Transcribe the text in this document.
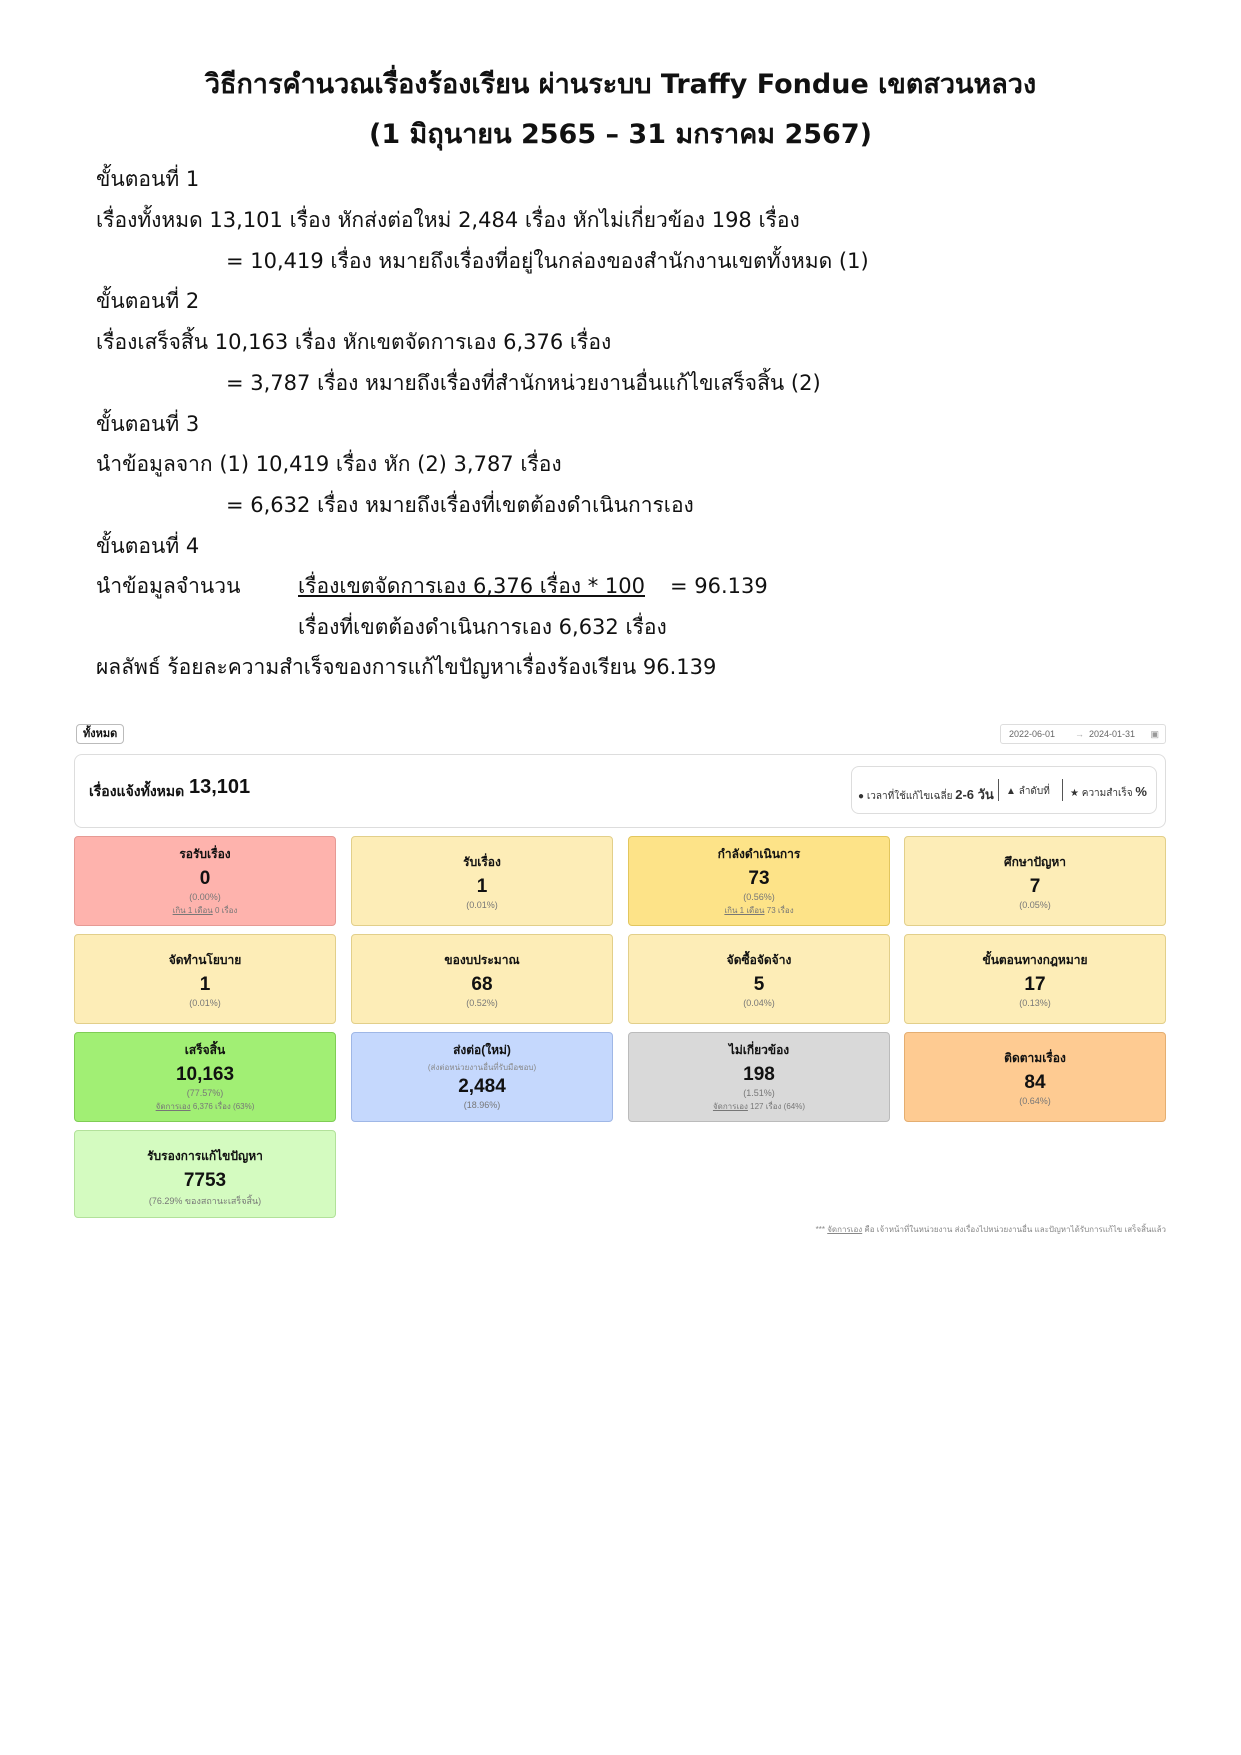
วิธีการคำนวณเรื่องร้องเรียน ผ่านระบบ Traffy Fondue เขตสวนหลวง
(1 มิถุนายน 2565 – 31 มกราคม 2567)
ขั้นตอนที่ 1
เรื่องทั้งหมด 13,101 เรื่อง หักส่งต่อใหม่ 2,484 เรื่อง หักไม่เกี่ยวข้อง 198 เรื่อง
= 10,419 เรื่อง หมายถึงเรื่องที่อยู่ในกล่องของสำนักงานเขตทั้งหมด (1)
ขั้นตอนที่ 2
เรื่องเสร็จสิ้น 10,163 เรื่อง หักเขตจัดการเอง 6,376 เรื่อง
= 3,787 เรื่อง หมายถึงเรื่องที่สำนักหน่วยงานอื่นแก้ไขเสร็จสิ้น (2)
ขั้นตอนที่ 3
นำข้อมูลจาก (1) 10,419 เรื่อง หัก (2) 3,787 เรื่อง
= 6,632 เรื่อง หมายถึงเรื่องที่เขตต้องดำเนินการเอง
ขั้นตอนที่ 4
นำข้อมูลจำนวน	เรื่องเขตจัดการเอง 6,376 เรื่อง * 100 = 96.139
เรื่องที่เขตต้องดำเนินการเอง 6,632 เรื่อง
ผลลัพธ์ ร้อยละความสำเร็จของการแก้ไขปัญหาเรื่องร้องเรียน 96.139
ทั้งหมด	2022-06-01 → 2024-01-31 ▣
เรื่องแจ้งทั้งหมด 13,101	● เวลาที่ใช้แก้ไขเฉลี่ย 2-6 วัน ▲ ลำดับที่ ★ ความสำเร็จ %
รอรับเรื่อง
0
(0.00%)
เกิน 1 เดือน 0 เรื่อง
รับเรื่อง
1
(0.01%)
กำลังดำเนินการ
73
(0.56%)
เกิน 1 เดือน 73 เรื่อง
ศึกษาปัญหา
7
(0.05%)
จัดทำนโยบาย
1
(0.01%)
ของบประมาณ
68
(0.52%)
จัดซื้อจัดจ้าง
5
(0.04%)
ขั้นตอนทางกฎหมาย
17
(0.13%)
เสร็จสิ้น
10,163
(77.57%)
จัดการเอง 6,376 เรื่อง (63%)
ส่งต่อ(ใหม่)
(ส่งต่อหน่วยงานอื่นที่รับมือชอบ)
2,484
(18.96%)
ไม่เกี่ยวข้อง
198
(1.51%)
จัดการเอง 127 เรื่อง (64%)
ติดตามเรื่อง
84
(0.64%)
รับรองการแก้ไขปัญหา
7753
(76.29% ของสถานะเสร็จสิ้น)
*** จัดการเอง คือ เจ้าหน้าที่ในหน่วยงาน ส่งเรื่องไปหน่วยงานอื่น และปัญหาได้รับการแก้ไข เสร็จสิ้นแล้ว
